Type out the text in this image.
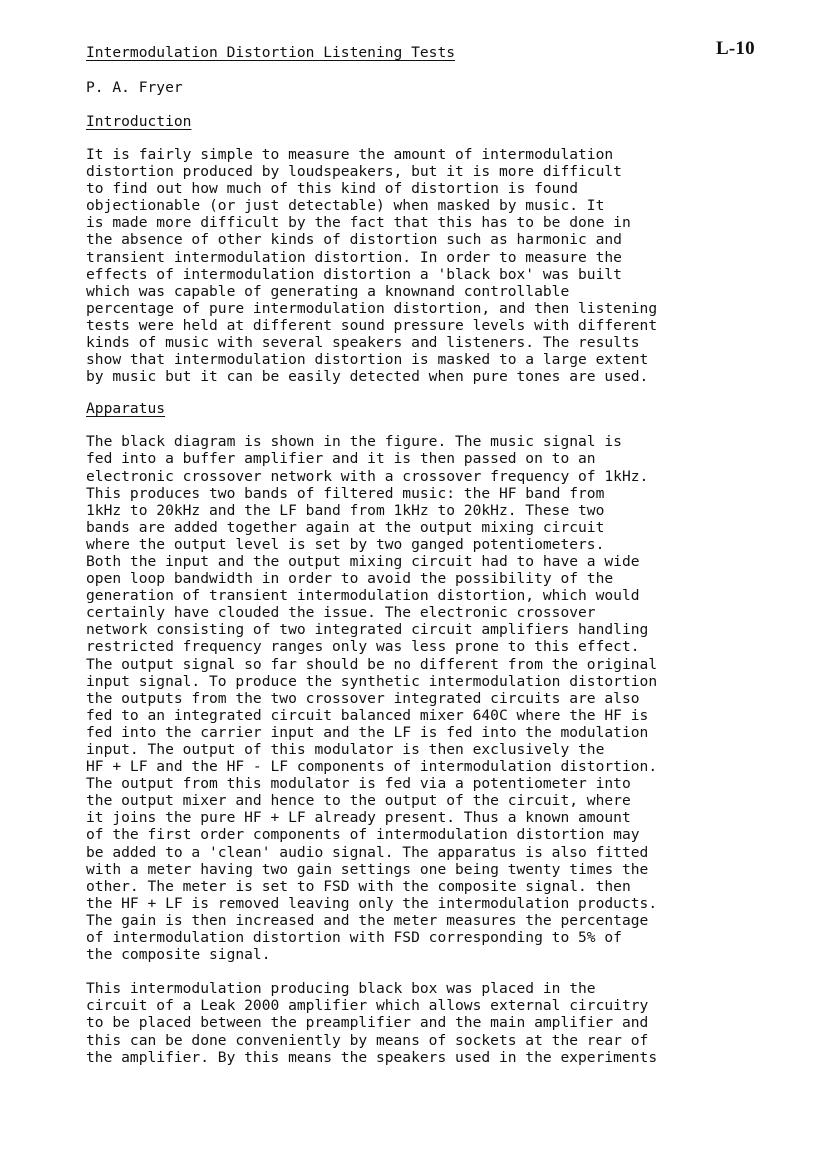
L-10
Intermodulation Distortion Listening Tests
P. A. Fryer
Introduction
It is fairly simple to measure the amount of intermodulation
distortion produced by loudspeakers, but it is more difficult
to find out how much of this kind of distortion is found
objectionable (or just detectable) when masked by music. It
is made more difficult by the fact that this has to be done in
the absence of other kinds of distortion such as harmonic and
transient intermodulation distortion. In order to measure the
effects of intermodulation distortion a 'black box' was built
which was capable of generating a knownand controllable
percentage of pure intermodulation distortion, and then listening
tests were held at different sound pressure levels with different
kinds of music with several speakers and listeners. The results
show that intermodulation distortion is masked to a large extent
by music but it can be easily detected when pure tones are used.
Apparatus
The black diagram is shown in the figure. The music signal is
fed into a buffer amplifier and it is then passed on to an
electronic crossover network with a crossover frequency of 1kHz.
This produces two bands of filtered music: the HF band from
1kHz to 20kHz and the LF band from 1kHz to 20kHz. These two
bands are added together again at the output mixing circuit
where the output level is set by two ganged potentiometers.
Both the input and the output mixing circuit had to have a wide
open loop bandwidth in order to avoid the possibility of the
generation of transient intermodulation distortion, which would
certainly have clouded the issue. The electronic crossover
network consisting of two integrated circuit amplifiers handling
restricted frequency ranges only was less prone to this effect.
The output signal so far should be no different from the original
input signal. To produce the synthetic intermodulation distortion
the outputs from the two crossover integrated circuits are also
fed to an integrated circuit balanced mixer 640C where the HF is
fed into the carrier input and the LF is fed into the modulation
input. The output of this modulator is then exclusively the
HF + LF and the HF - LF components of intermodulation distortion.
The output from this modulator is fed via a potentiometer into
the output mixer and hence to the output of the circuit, where
it joins the pure HF + LF already present. Thus a known amount
of the first order components of intermodulation distortion may
be added to a 'clean' audio signal. The apparatus is also fitted
with a meter having two gain settings one being twenty times the
other. The meter is set to FSD with the composite signal. then
the HF + LF is removed leaving only the intermodulation products.
The gain is then increased and the meter measures the percentage
of intermodulation distortion with FSD corresponding to 5% of
the composite signal.
This intermodulation producing black box was placed in the
circuit of a Leak 2000 amplifier which allows external circuitry
to be placed between the preamplifier and the main amplifier and
this can be done conveniently by means of sockets at the rear of
the amplifier. By this means the speakers used in the experiments
